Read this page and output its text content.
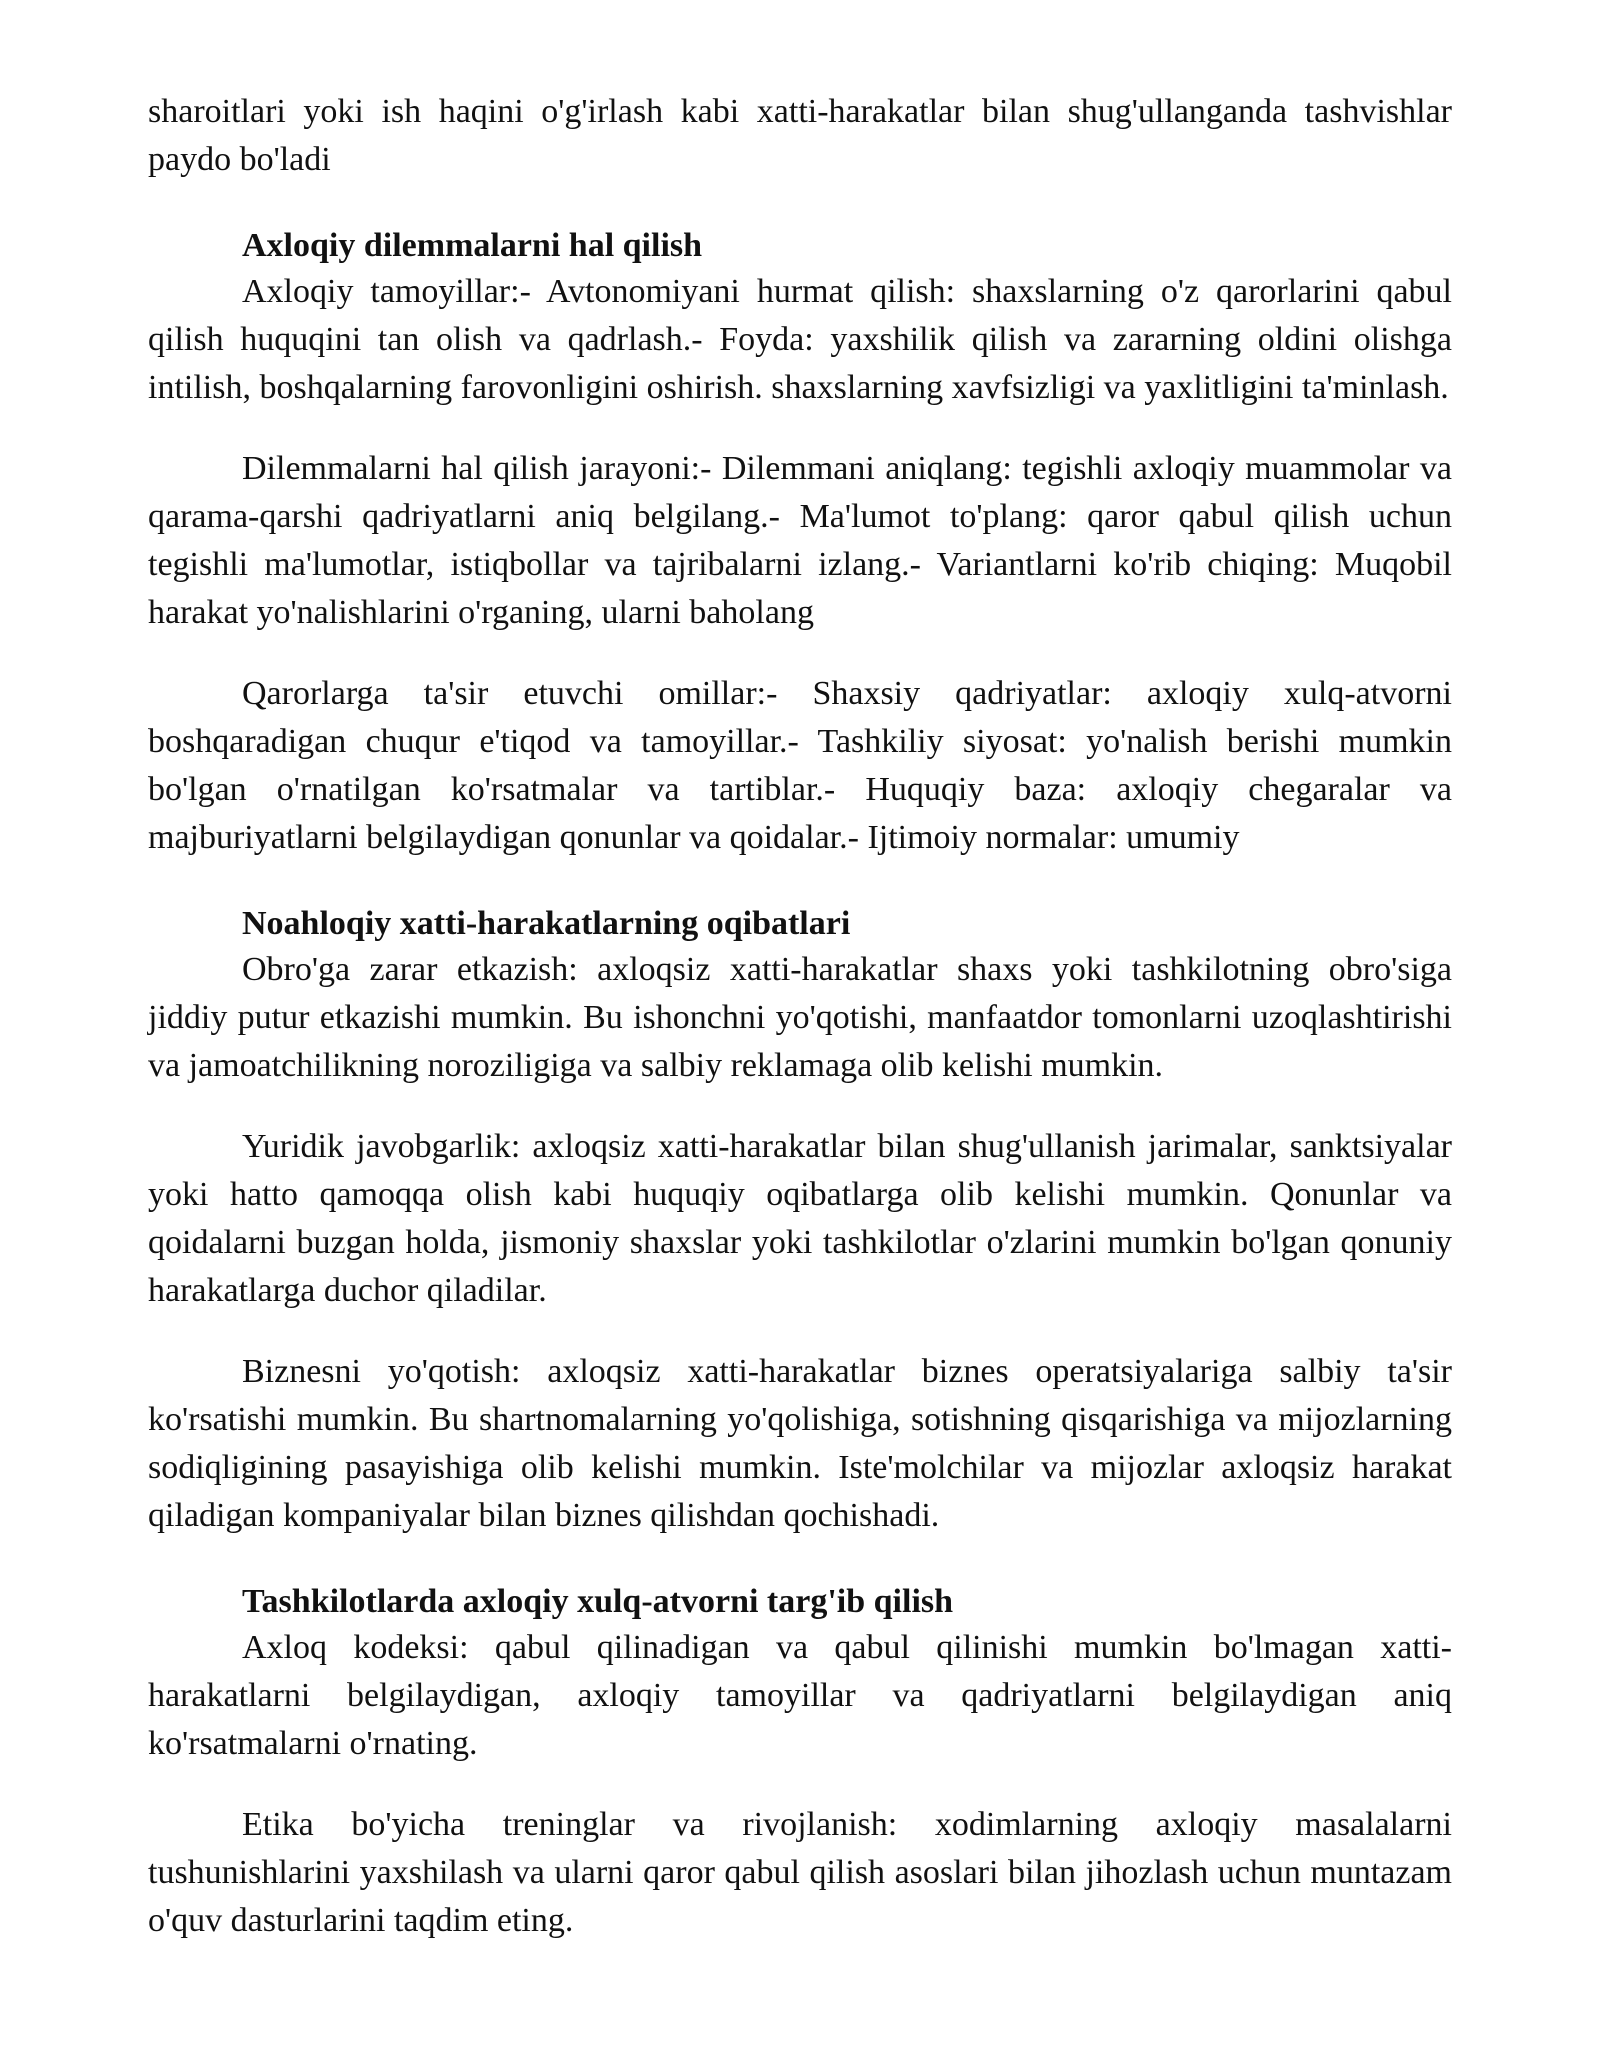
sharoitlari yoki ish haqini o'g'irlash kabi xatti-harakatlar bilan shug'ullanganda tashvishlar paydo bo'ladi

Axloqiy dilemmalarni hal qilish

Axloqiy tamoyillar:- Avtonomiyani hurmat qilish: shaxslarning o'z qarorlarini qabul qilish huquqini tan olish va qadrlash.- Foyda: yaxshilik qilish va zararning oldini olishga intilish, boshqalarning farovonligini oshirish. shaxslarning xavfsizligi va yaxlitligini ta'minlash.

Dilemmalarni hal qilish jarayoni:- Dilemmani aniqlang: tegishli axloqiy muammolar va qarama-qarshi qadriyatlarni aniq belgilang.- Ma'lumot to'plang: qaror qabul qilish uchun tegishli ma'lumotlar, istiqbollar va tajribalarni izlang.- Variantlarni ko'rib chiqing: Muqobil harakat yo'nalishlarini o'rganing, ularni baholang

Qarorlarga ta'sir etuvchi omillar:- Shaxsiy qadriyatlar: axloqiy xulq-atvorni boshqaradigan chuqur e'tiqod va tamoyillar.- Tashkiliy siyosat: yo'nalish berishi mumkin bo'lgan o'rnatilgan ko'rsatmalar va tartiblar.- Huquqiy baza: axloqiy chegaralar va majburiyatlarni belgilaydigan qonunlar va qoidalar.- Ijtimoiy normalar: umumiy

Noahloqiy xatti-harakatlarning oqibatlari

Obro'ga zarar etkazish: axloqsiz xatti-harakatlar shaxs yoki tashkilotning obro'siga jiddiy putur etkazishi mumkin. Bu ishonchni yo'qotishi, manfaatdor tomonlarni uzoqlashtirishi va jamoatchilikning noroziligiga va salbiy reklamaga olib kelishi mumkin.

Yuridik javobgarlik: axloqsiz xatti-harakatlar bilan shug'ullanish jarimalar, sanktsiyalar yoki hatto qamoqqa olish kabi huquqiy oqibatlarga olib kelishi mumkin. Qonunlar va qoidalarni buzgan holda, jismoniy shaxslar yoki tashkilotlar o'zlarini mumkin bo'lgan qonuniy harakatlarga duchor qiladilar.

Biznesni yo'qotish: axloqsiz xatti-harakatlar biznes operatsiyalariga salbiy ta'sir ko'rsatishi mumkin. Bu shartnomalarning yo'qolishiga, sotishning qisqarishiga va mijozlarning sodiqligining pasayishiga olib kelishi mumkin. Iste'molchilar va mijozlar axloqsiz harakat qiladigan kompaniyalar bilan biznes qilishdan qochishadi.

Tashkilotlarda axloqiy xulq-atvorni targ'ib qilish

Axloq kodeksi: qabul qilinadigan va qabul qilinishi mumkin bo'lmagan xatti-harakatlarni belgilaydigan, axloqiy tamoyillar va qadriyatlarni belgilaydigan aniq ko'rsatmalarni o'rnating.

Etika bo'yicha treninglar va rivojlanish: xodimlarning axloqiy masalalarni tushunishlarini yaxshilash va ularni qaror qabul qilish asoslari bilan jihozlash uchun muntazam o'quv dasturlarini taqdim eting.
